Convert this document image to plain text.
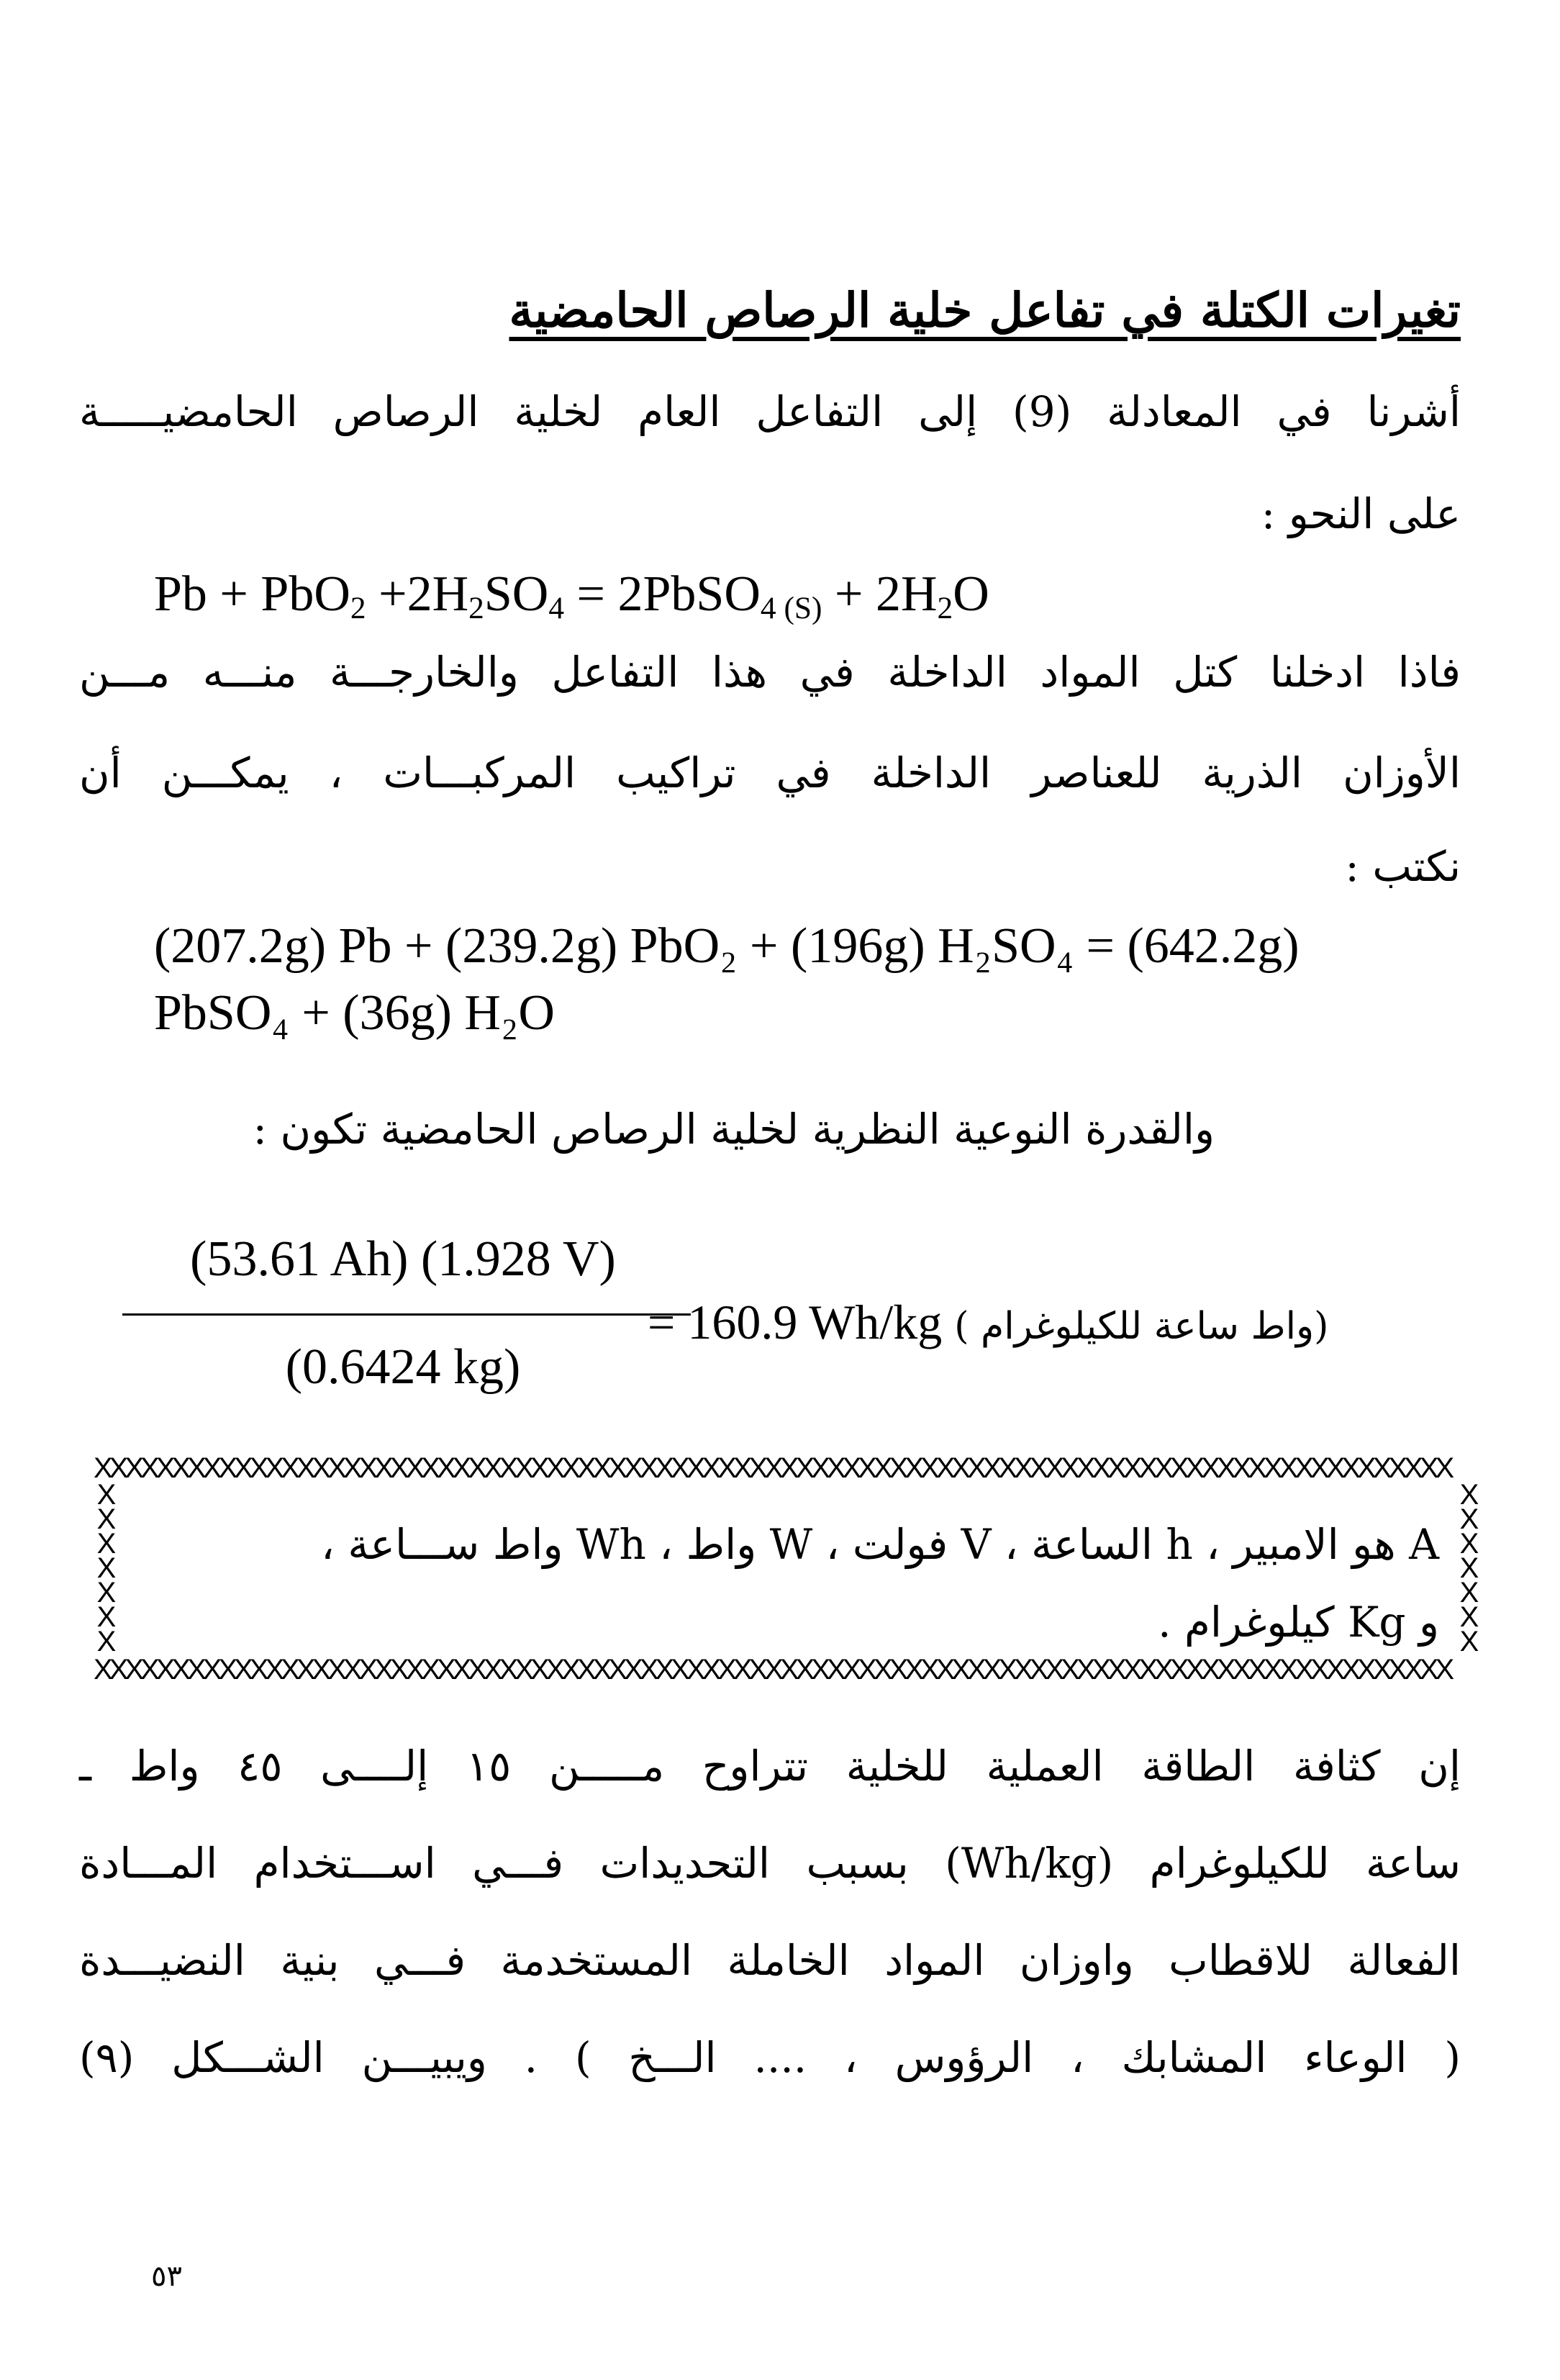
تغيرات الكتلة في تفاعل خلية الرصاص الحامضية
أشرنا في المعادلة (9) إلى التفاعل العام لخلية الرصاص الحامضيـــــة
على النحو :
$Pb + PbO_2 +2H_2SO_4$ = 2PbSO$_4$ $_{(S)} + 2H_2O$
فاذا ادخلنا كتل المواد الداخلة في هذا التفاعل والخارجـــة منـــه مـــن
الأوزان الذرية للعناصر الداخلة في تراكيب المركبـــات ، يمكـــن أن
نكتب :
(207.2g) Pb + (239.2g) PbO₂ + (196g) H₂SO₄ = (642.2g)
PbSO₄ + (36g) H₂O
والقدرة النوعية النظرية لخلية الرصاص الحامضية تكون :
(53.61 Ah) (1.928 V)
(0.6424 kg)
= 160.9 Wh/kg ( واط ساعة للكيلوغرام)
XXXXXXXXXXXXXXXXXXXXXXXXXXXXXXXXXXXXXXXXXXXXXXXXXXXXXXXXXXXXXXXXXXXXXXXXXXXXXXXXXXXXXXX
XXXXXXX
XXXXXXX
XXXXXXXXXXXXXXXXXXXXXXXXXXXXXXXXXXXXXXXXXXXXXXXXXXXXXXXXXXXXXXXXXXXXXXXXXXXXXXXXXXXXXXX
A هو الامبير ، h الساعة ، V فولت ، W واط ، Wh واط ســـاعة ،
و Kg كيلوغرام .
إن كثافة الطاقة العملية للخلية تتراوح مـــــن ١٥ إلــــى ٤٥ واط ـ
ساعة للكيلوغرام (Wh/kg) بسبب التحديدات فـــي اســـتخدام المـــادة
الفعالة للاقطاب واوزان المواد الخاملة المستخدمة فـــي بنية النضيـــدة
( الوعاء المشابك ، الرؤوس ، .... الـــخ ) . ويبيـــن الشـــكل (٩)
٥٣
